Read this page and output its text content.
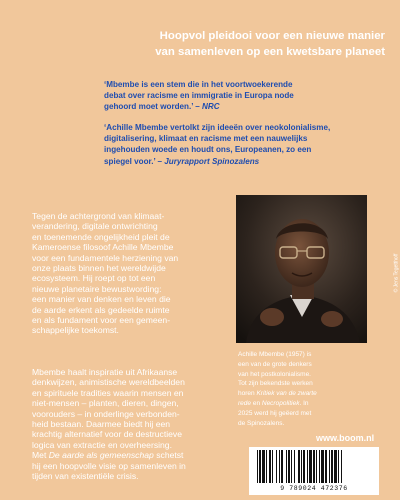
Hoopvol pleidooi voor een nieuwe manier
van samenleven op een kwetsbare planeet

‘Mbembe is een stem die in het voortwoekerende
debat over racisme en immigratie in Europa node
gehoord moet worden.’ – NRC

‘Achille Mbembe vertolkt zijn ideeën over neokolonialisme,
digitalisering, klimaat en racisme met een nauwelijks
ingehouden woede en houdt ons, Europeanen, zo een
spiegel voor.’ – Juryrapport Spinozalens

Tegen de achtergrond van klimaat-
verandering, digitale ontwrichting
en toenemende ongelijkheid pleit de
Kameroense filosoof Achille Mbembe
voor een fundamentele herziening van
onze plaats binnen het wereldwijde
ecosysteem. Hij roept op tot een
nieuwe planetaire bewustwording:
een manier van denken en leven die
de aarde erkent als gedeelde ruimte
en als fundament voor een gemeen-
schappelijke toekomst.

Mbembe haalt inspiratie uit Afrikaanse
denkwijzen, animistische wereldbeelden
en spirituele tradities waarin mensen en
niet-mensen – planten, dieren, dingen,
voorouders – in onderlinge verbonden-
heid bestaan. Daarmee biedt hij een
krachtig alternatief voor de destructieve
logica van extractie en overheersing.
Met De aarde als gemeenschap schetst
hij een hoopvolle visie op samenleven in
tijden van existentiële crisis.

© Jens Tegetthoff

Achille Mbembe (1957) is
een van de grote denkers
van het postkolonialisme.
Tot zijn bekendste werken
horen Kritiek van de zwarte
rede en Necropolitiek. In
2025 werd hij geëerd met
de Spinozalens.

www.boom.nl
9 789024 472376
